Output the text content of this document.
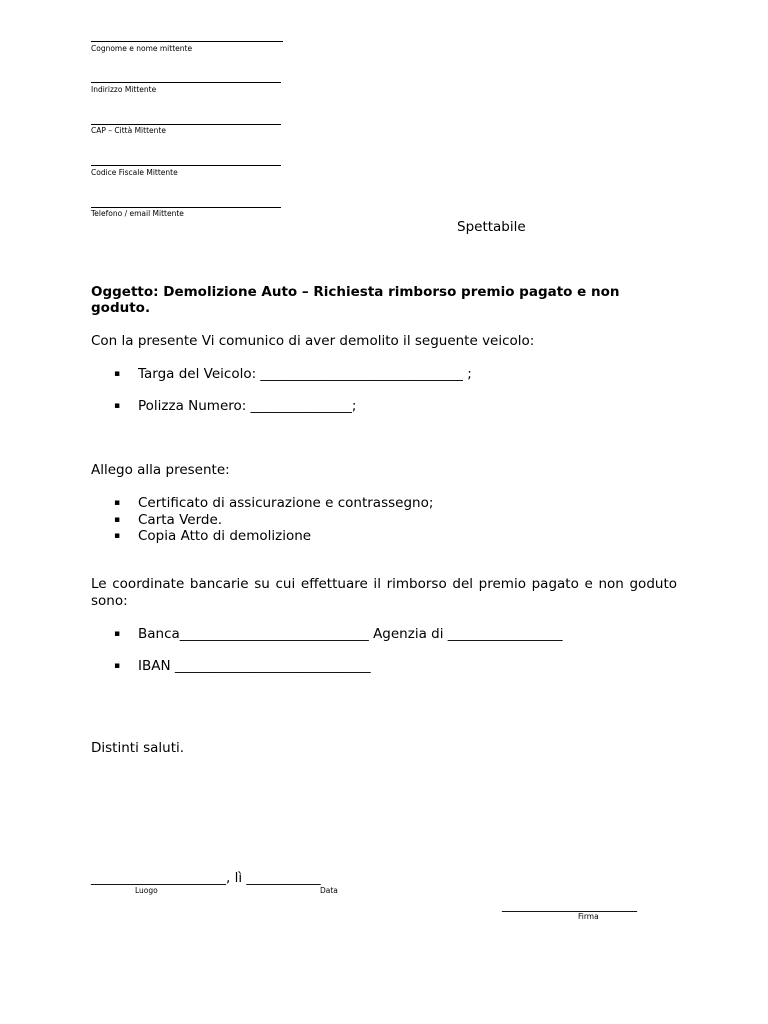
Cognome e nome mittente
Indirizzo Mittente
CAP – Città Mittente
Codice Fiscale Mittente
Telefono / email Mittente
Spettabile
Oggetto: Demolizione Auto – Richiesta rimborso premio pagato e non
goduto.
Con la presente Vi comunico di aver demolito il seguente veicolo:
▪ Targa del Veicolo: ______________________________ ;
▪ Polizza Numero: _______________;
Allego alla presente:
▪ Certificato di assicurazione e contrassegno;
▪ Carta Verde.
▪ Copia Atto di demolizione
Le coordinate bancarie su cui effettuare il rimborso del premio pagato e non goduto sono:
▪ Banca____________________________ Agenzia di _________________
▪ IBAN _____________________________
Distinti saluti.
____________________, lì ___________
Luogo	Data
____________________
Firma
